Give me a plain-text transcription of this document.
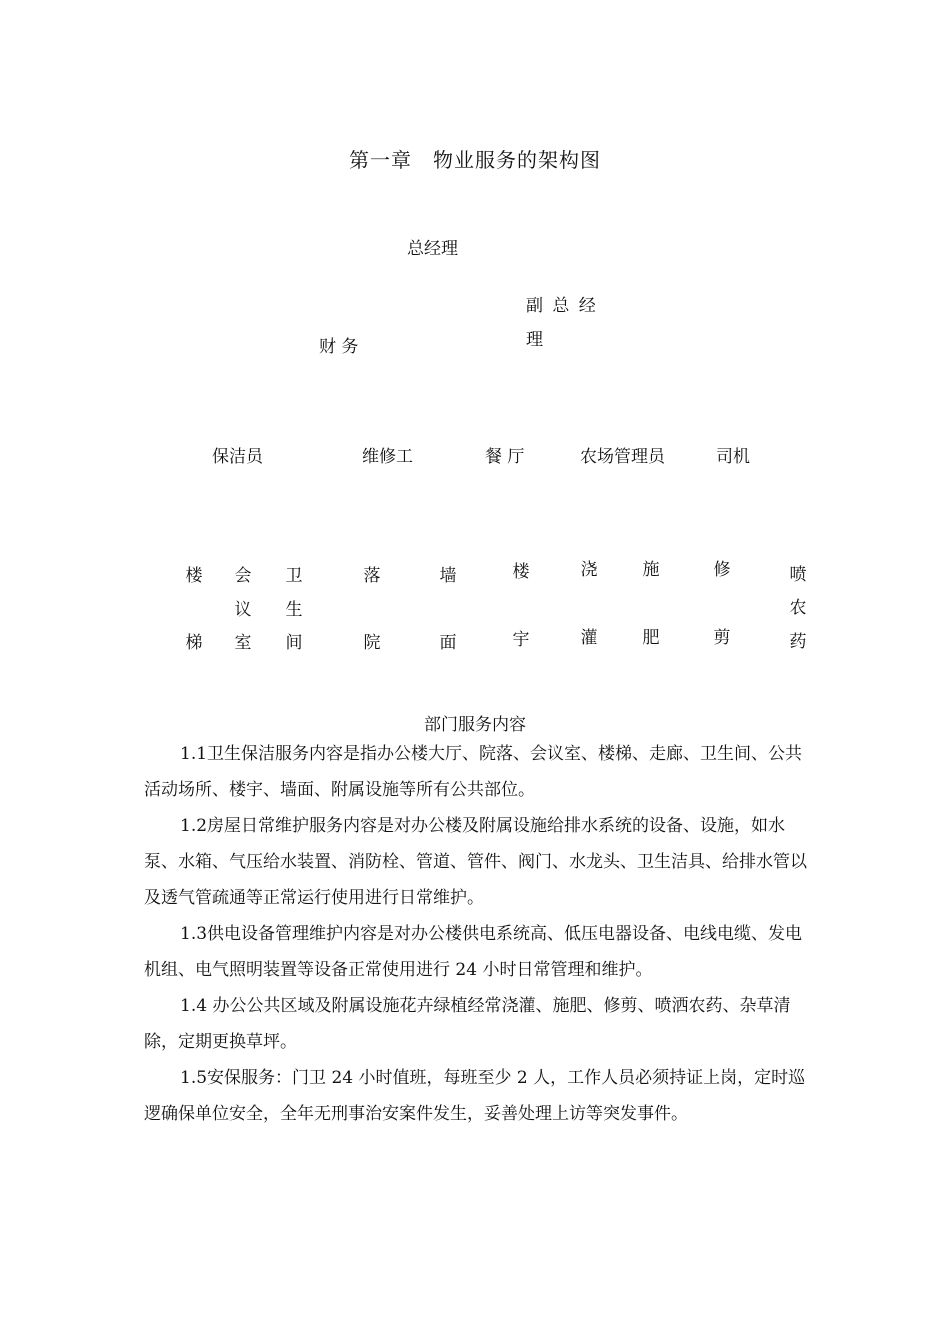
第一章　物业服务的架构图
总经理
副 总 经
理
财 务
保洁员	维修工	餐 厅	农场管理员	司机
楼
梯
会
议
室
卫
生
间
落
院
墙
面
楼
宇
浇
灌
施
肥
修
剪
喷
农
药
部门服务内容

1.1卫生保洁服务内容是指办公楼大厅、院落、会议室、楼梯、走廊、卫生间、公共活动场所、楼宇、墙面、附属设施等所有公共部位。

1.2房屋日常维护服务内容是对办公楼及附属设施给排水系统的设备、设施，如水泵、水箱、气压给水装置、消防栓、管道、管件、阀门、水龙头、卫生洁具、给排水管以及透气管疏通等正常运行使用进行日常维护。

1.3供电设备管理维护内容是对办公楼供电系统高、低压电器设备、电线电缆、发电机组、电气照明装置等设备正常使用进行 24 小时日常管理和维护。

1.4 办公公共区域及附属设施花卉绿植经常浇灌、施肥、修剪、喷洒农药、杂草清除，定期更换草坪。

1.5安保服务：门卫 24 小时值班，每班至少 2 人，工作人员必须持证上岗，定时巡逻确保单位安全，全年无刑事治安案件发生，妥善处理上访等突发事件。
